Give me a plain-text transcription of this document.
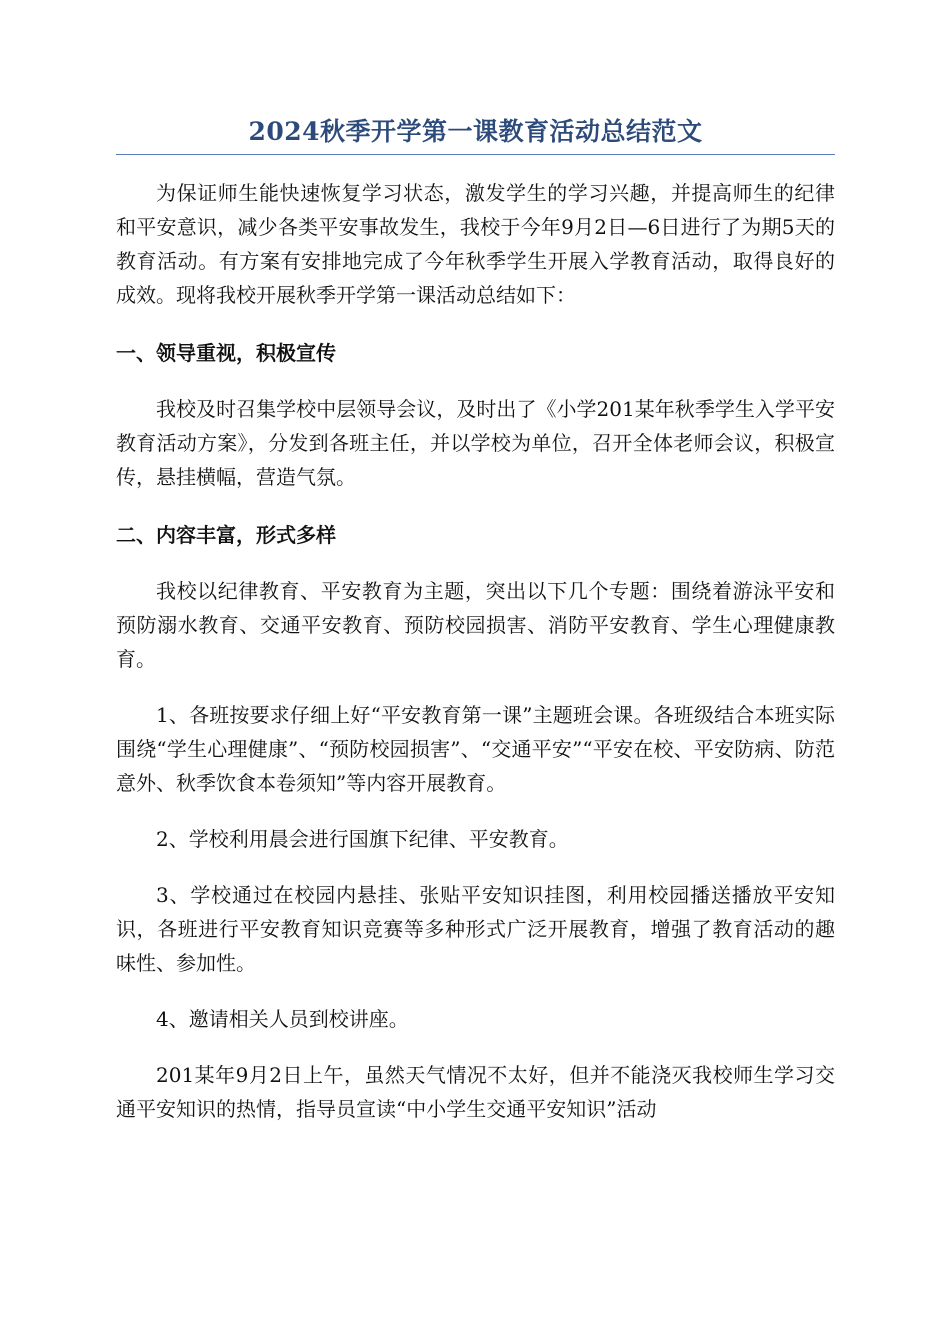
2024秋季开学第一课教育活动总结范文

为保证师生能快速恢复学习状态，激发学生的学习兴趣，并提高师生的纪律和平安意识，减少各类平安事故发生，我校于今年9月2日—6日进行了为期5天的教育活动。有方案有安排地完成了今年秋季学生开展入学教育活动，取得良好的成效。现将我校开展秋季开学第一课活动总结如下：

一、领导重视，积极宣传

我校及时召集学校中层领导会议，及时出了《小学201某年秋季学生入学平安教育活动方案》，分发到各班主任，并以学校为单位，召开全体老师会议，积极宣传，悬挂横幅，营造气氛。

二、内容丰富，形式多样

我校以纪律教育、平安教育为主题，突出以下几个专题：围绕着游泳平安和预防溺水教育、交通平安教育、预防校园损害、消防平安教育、学生心理健康教育。

1、各班按要求仔细上好“平安教育第一课”主题班会课。各班级结合本班实际围绕“学生心理健康”、“预防校园损害”、“交通平安”“平安在校、平安防病、防范意外、秋季饮食本卷须知”等内容开展教育。

2、学校利用晨会进行国旗下纪律、平安教育。

3、学校通过在校园内悬挂、张贴平安知识挂图，利用校园播送播放平安知识，各班进行平安教育知识竞赛等多种形式广泛开展教育，增强了教育活动的趣味性、参加性。

4、邀请相关人员到校讲座。

201某年9月2日上午，虽然天气情况不太好，但并不能浇灭我校师生学习交通平安知识的热情，指导员宣读“中小学生交通平安知识”活动
